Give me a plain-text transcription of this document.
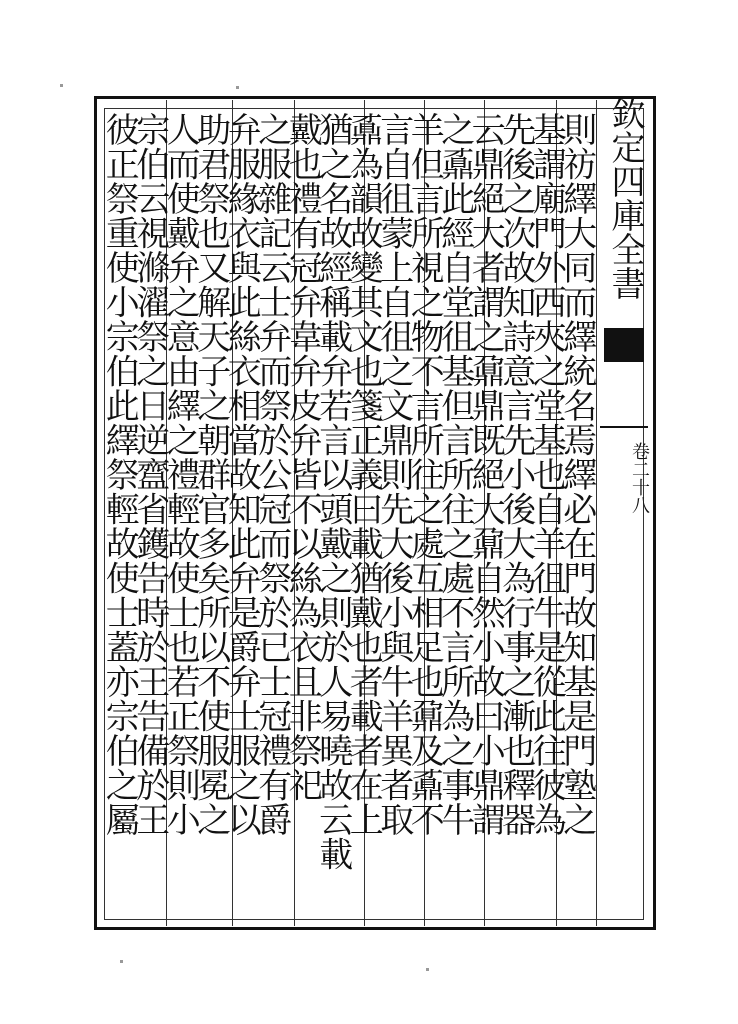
欽定四庫全書
卷二十八
則祊繹大同而繹統名焉繹必在門故知基是門塾之
基謂廟門外西夾之堂基也自羊徂牛是從此往彼為
先後之次故知詩意言先小後大為行事之漸也釋器
云鼎絕大者謂之鼐鼎既絕大鼐自然小故曰小鼎謂
之鼒此經自堂徂基但言所往之處不言所為之事牛
羊但言所視之物不言所往之處互相足也鼐及鼒不
言自徂蒙上自徂之文鼎則先大後小與牛羊異者取
鼒為韻故變其文也箋正義曰載猶戴也者載者在上
猶之名故經稱載弁若言以頭戴之則於人易曉故云載
戴也禮有冠弁韋弁皮弁皆不以絲為衣且非祭祀
之服雜記云士弁而祭於公冠而祭於已士冠禮有爵
弁服緣衣與此絲衣相當故知此弁是爵弁士服之以
助君祭也又解天子之朝群官多矣所以不使服冕之
人而使戴弁之意由繹之禮輕故使士也若正祭則小
宗伯云視滌濯祭之日逆齍省鑊告時於王告備於王
彼正祭重使小宗伯此繹祭輕故使士蓋亦宗伯之屬
